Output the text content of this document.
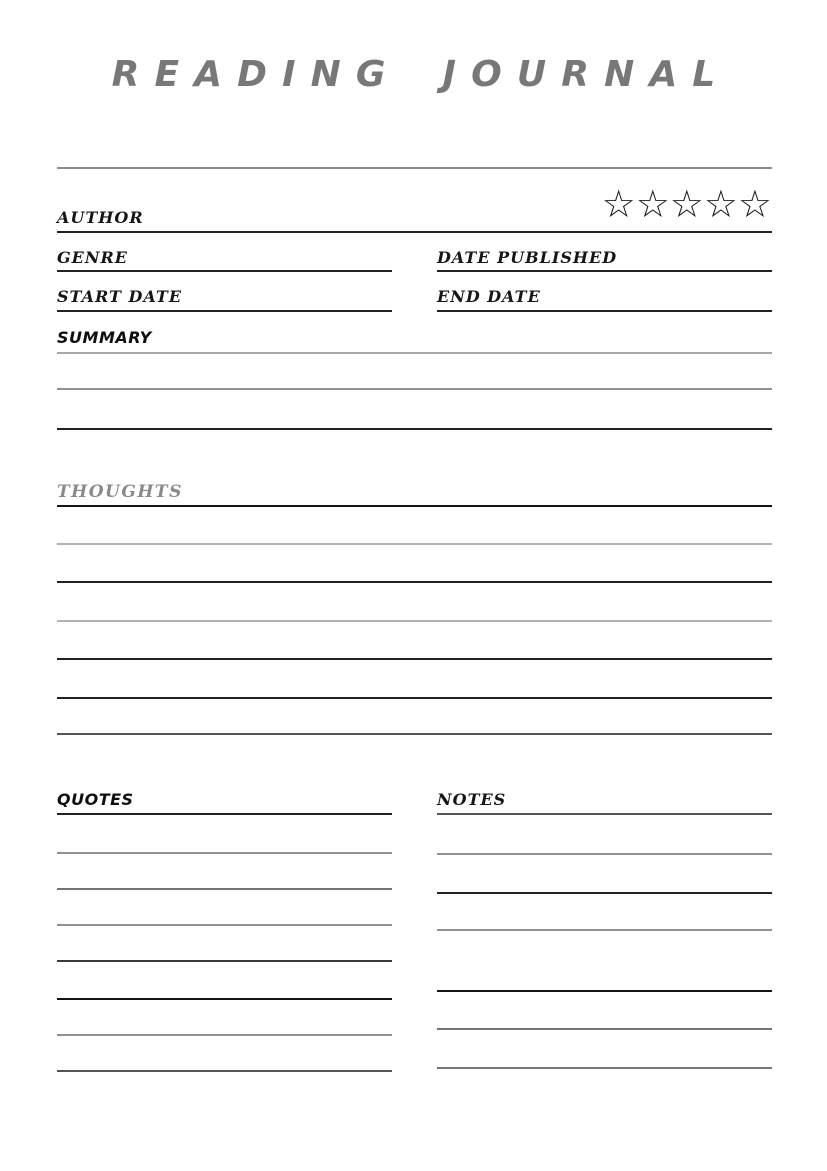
READING JOURNAL
AUTHOR	☆ ☆ ☆ ☆ ☆
GENRE	DATE PUBLISHED
START DATE	END DATE
SUMMARY
THOUGHTS
QUOTES	NOTES
